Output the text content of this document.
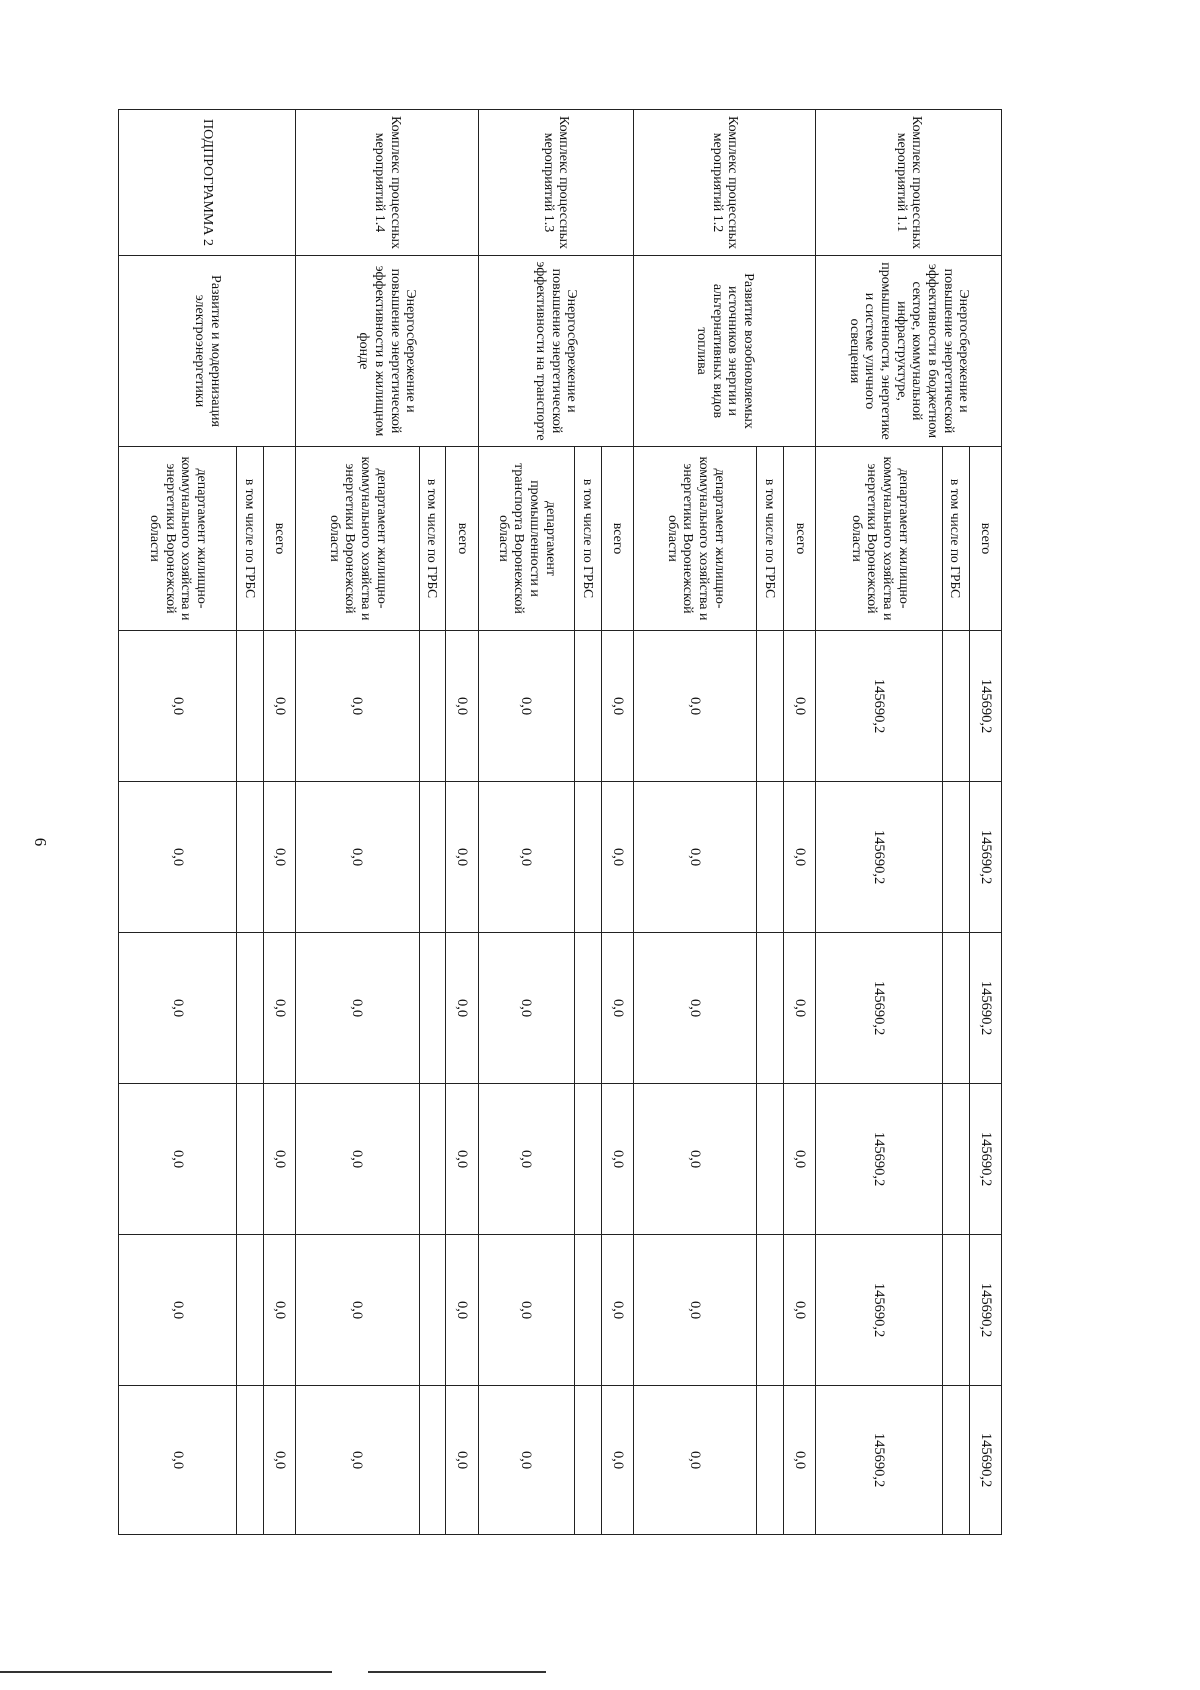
6
Комплекс процессных мероприятий 1.1	Энергосбережение и повышение энергетической эффективности в бюджетном секторе, коммунальной инфраструктуре, промышленности, энергетике и системе уличного освещения	всего	145690,2	145690,2	145690,2	145690,2	145690,2	145690,2
		в том числе по ГРБС						
		департамент жилищно-коммунального хозяйства и энергетики Воронежской области	145690,2	145690,2	145690,2	145690,2	145690,2	145690,2
Комплекс процессных мероприятий 1.2	Развитие возобновляемых источников энергии и альтернативных видов топлива	всего	0,0	0,0	0,0	0,0	0,0	0,0
		в том числе по ГРБС						
		департамент жилищно-коммунального хозяйства и энергетики Воронежской области	0,0	0,0	0,0	0,0	0,0	0,0
Комплекс процессных мероприятий 1.3	Энергосбережение и повышение энергетической эффективности на транспорте	всего	0,0	0,0	0,0	0,0	0,0	0,0
		в том числе по ГРБС						
		департамент промышленности и транспорта Воронежской области	0,0	0,0	0,0	0,0	0,0	0,0
Комплекс процессных мероприятий 1.4	Энергосбережение и повышение энергетической эффективности в жилищном фонде	всего	0,0	0,0	0,0	0,0	0,0	0,0
		в том числе по ГРБС						
		департамент жилищно-коммунального хозяйства и энергетики Воронежской области	0,0	0,0	0,0	0,0	0,0	0,0
ПОДПРОГРАММА 2	Развитие и модернизация электроэнергетики	всего	0,0	0,0	0,0	0,0	0,0	0,0
		в том числе по ГРБС						
		департамент жилищно-коммунального хозяйства и энергетики Воронежской области	0,0	0,0	0,0	0,0	0,0	0,0
